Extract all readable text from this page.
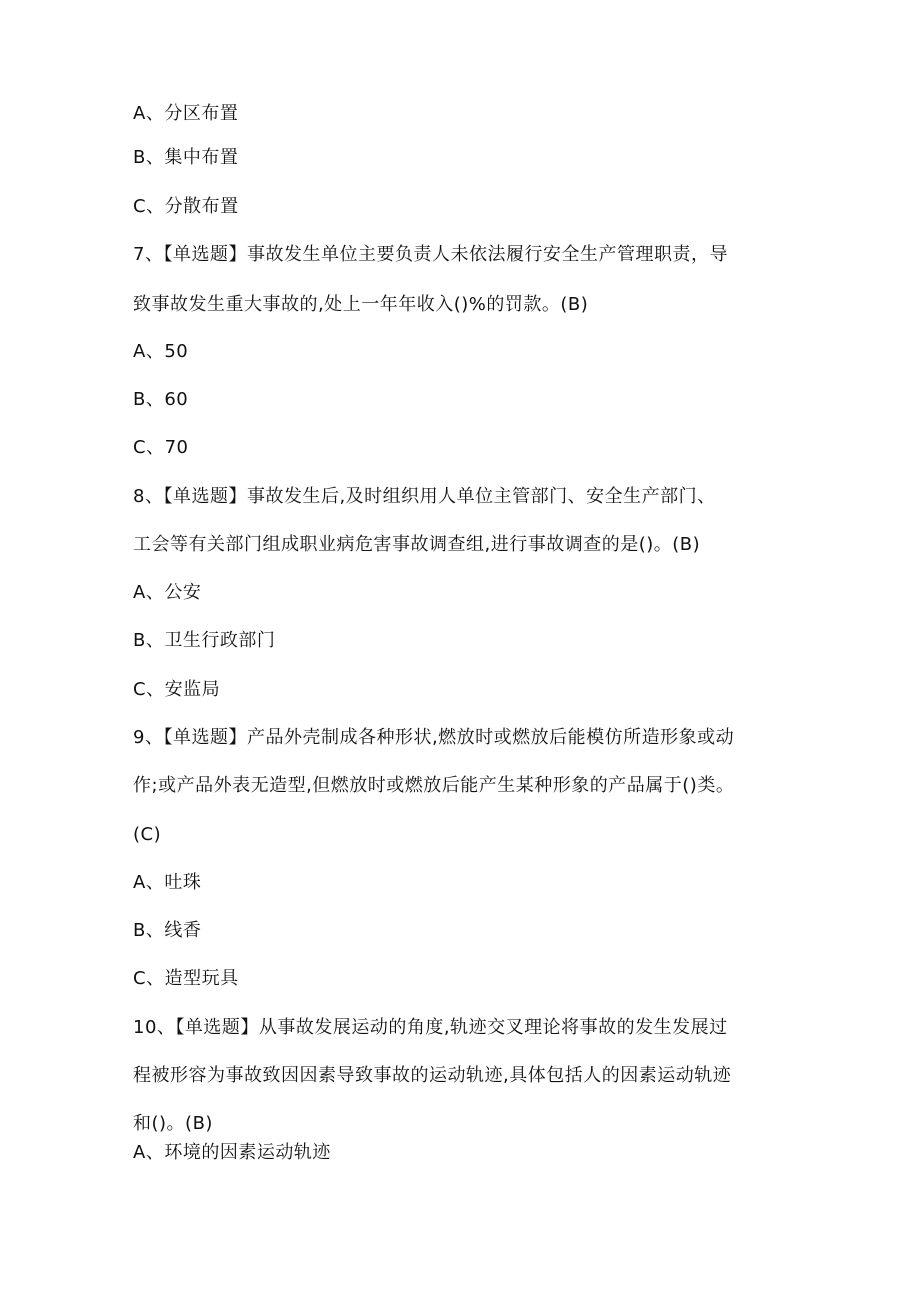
A、分区布置
B、集中布置
C、分散布置
7、【单选题】事故发生单位主要负责人未依法履行安全生产管理职责，导
致事故发生重大事故的,处上一年年收入()%的罚款。(B)
A、50
B、60
C、70
8、【单选题】事故发生后,及时组织用人单位主管部门、安全生产部门、
工会等有关部门组成职业病危害事故调查组,进行事故调查的是()。(B)
A、公安
B、卫生行政部门
C、安监局
9、【单选题】产品外壳制成各种形状,燃放时或燃放后能模仿所造形象或动
作;或产品外表无造型,但燃放时或燃放后能产生某种形象的产品属于()类。
(C)
A、吐珠
B、线香
C、造型玩具
10、【单选题】从事故发展运动的角度,轨迹交叉理论将事故的发生发展过
程被形容为事故致因因素导致事故的运动轨迹,具体包括人的因素运动轨迹
和()。(B)
A、环境的因素运动轨迹
